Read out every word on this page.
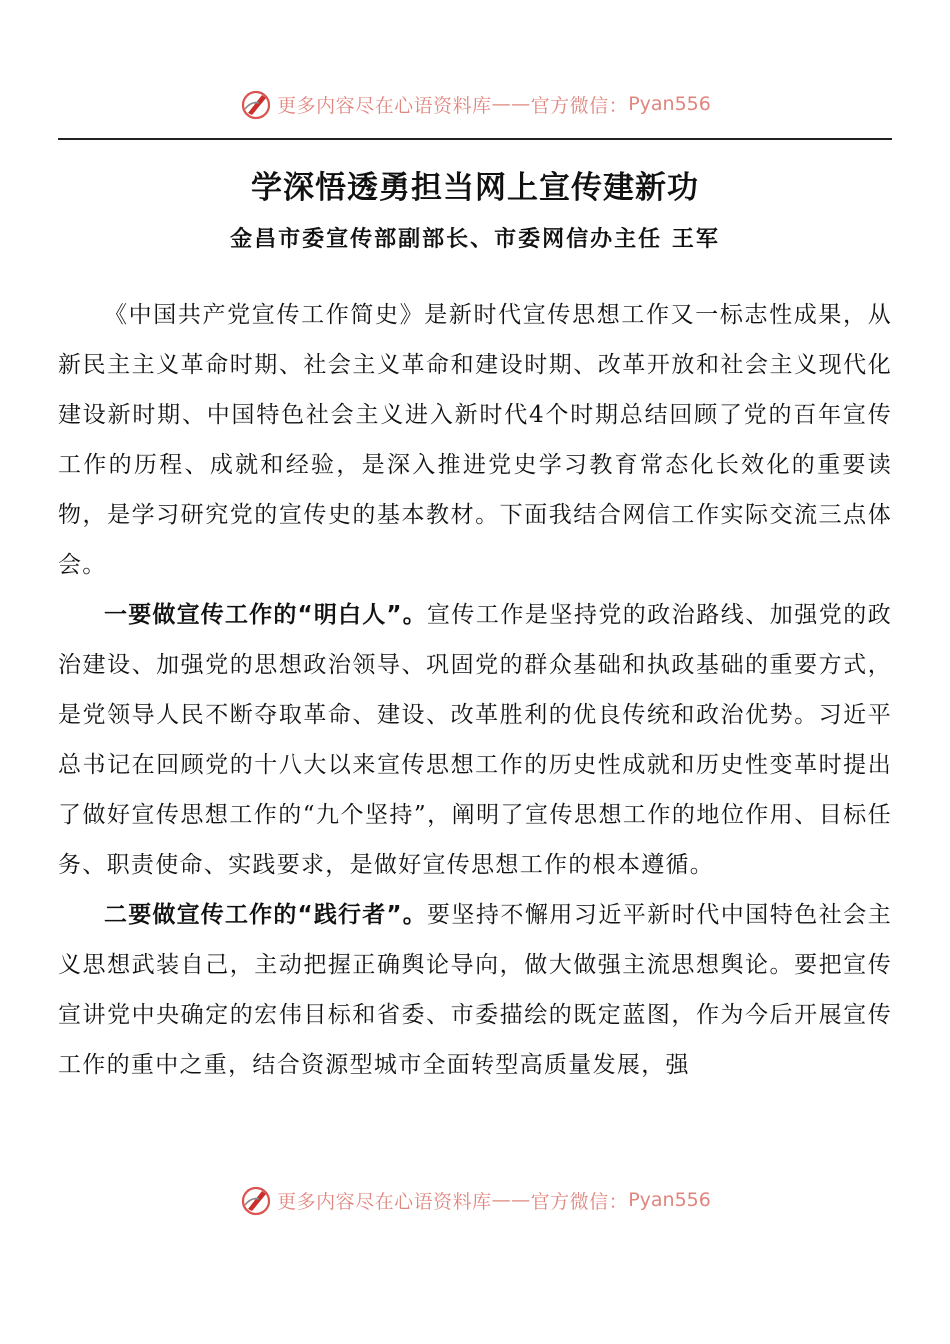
更多内容尽在心语资料库 —— 官方微信： Pyan556
学深悟透勇担当网上宣传建新功

金昌市委宣传部副部长、市委网信办主任 王军

《中国共产党宣传工作简史》是新时代宣传思想工作又一标志性成果，从新民主主义革命时期、社会主义革命和建设时期、改革开放和社会主义现代化建设新时期、中国特色社会主义进入新时代4个时期总结回顾了党的百年宣传工作的历程、成就和经验，是深入推进党史学习教育常态化长效化的重要读物，是学习研究党的宣传史的基本教材。下面我结合网信工作实际交流三点体会。

一要做宣传工作的“明白人”。宣传工作是坚持党的政治路线、加强党的政治建设、加强党的思想政治领导、巩固党的群众基础和执政基础的重要方式，是党领导人民不断夺取革命、建设、改革胜利的优良传统和政治优势。习近平总书记在回顾党的十八大以来宣传思想工作的历史性成就和历史性变革时提出了做好宣传思想工作的“九个坚持”，阐明了宣传思想工作的地位作用、目标任务、职责使命、实践要求，是做好宣传思想工作的根本遵循。

二要做宣传工作的“践行者”。要坚持不懈用习近平新时代中国特色社会主义思想武装自己，主动把握正确舆论导向，做大做强主流思想舆论。要把宣传宣讲党中央确定的宏伟目标和省委、市委描绘的既定蓝图，作为今后开展宣传工作的重中之重，结合资源型城市全面转型高质量发展，强

更多内容尽在心语资料库 —— 官方微信： Pyan556
